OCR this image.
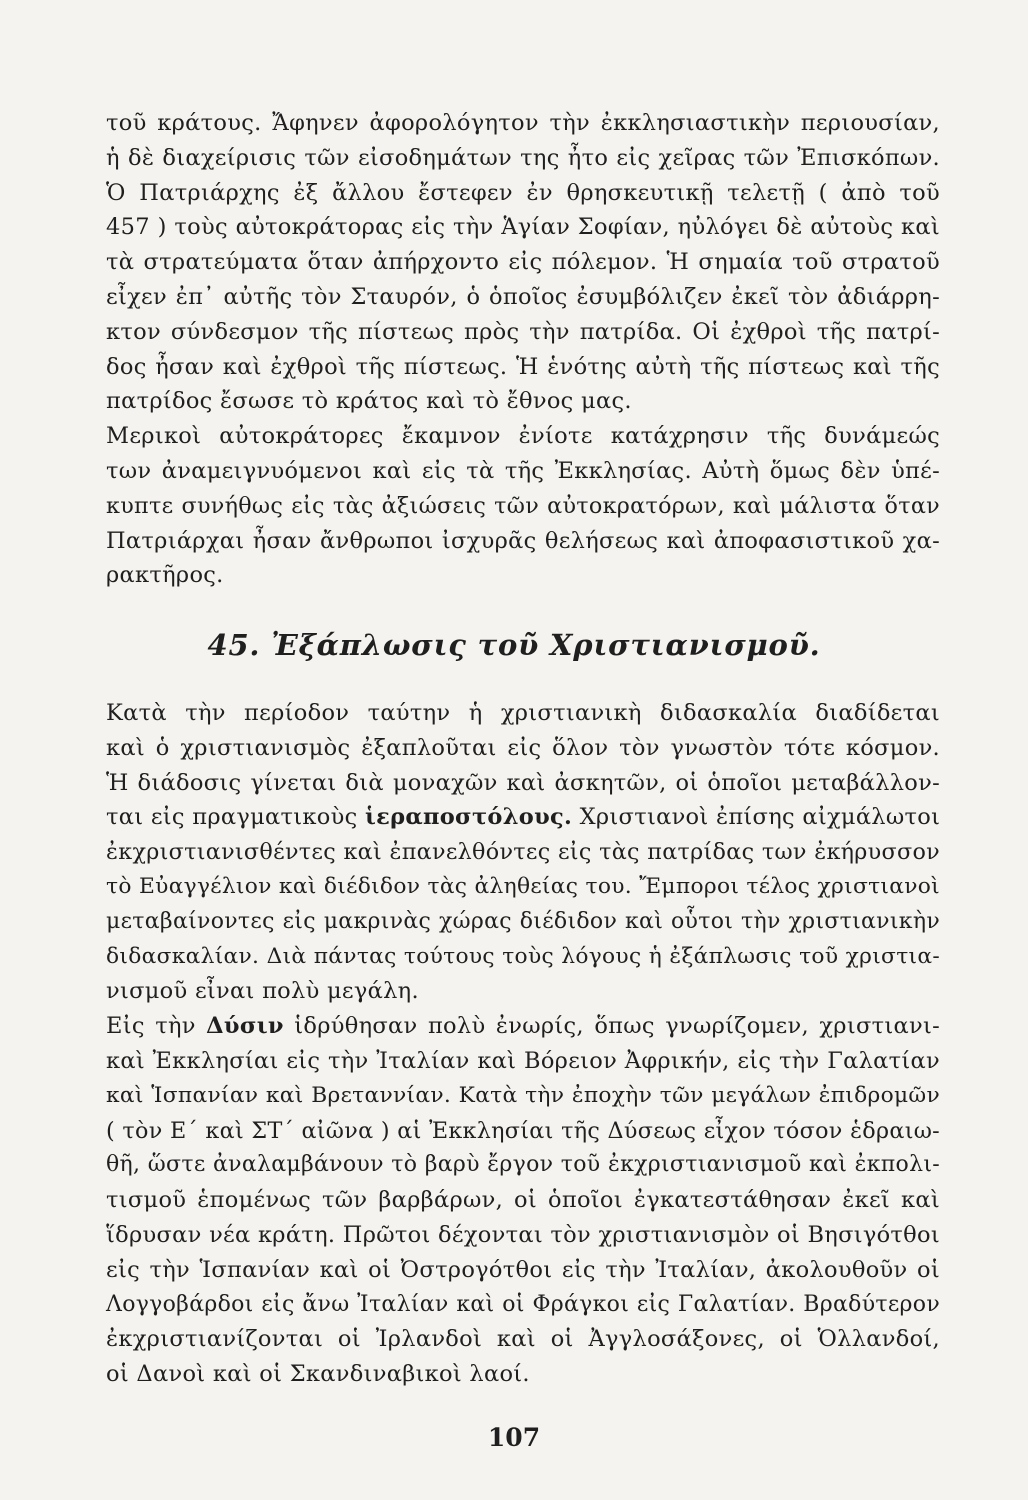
τοῦ κράτους. Ἄφηνεν ἀφορολόγητον τὴν ἐκκλησιαστικὴν περιουσίαν,
ἡ δὲ διαχείρισις τῶν εἰσοδημάτων της ἦτο εἰς χεῖρας τῶν Ἐπισκόπων.
Ὁ Πατριάρχης ἐξ ἄλλου ἔστεφεν ἐν θρησκευτικῇ τελετῇ ( ἀπὸ τοῦ
457 ) τοὺς αὐτοκράτορας εἰς τὴν Ἁγίαν Σοφίαν, ηὐλόγει δὲ αὐτοὺς καὶ
τὰ στρατεύματα ὅταν ἀπήρχοντο εἰς πόλεμον. Ἡ σημαία τοῦ στρατοῦ
εἶχεν ἐπ᾽ αὐτῆς τὸν Σταυρόν, ὁ ὁποῖος ἐσυμβόλιζεν ἐκεῖ τὸν ἀδιάρρη-
κτον σύνδεσμον τῆς πίστεως πρὸς τὴν πατρίδα. Οἱ ἐχθροὶ τῆς πατρί-
δος ἦσαν καὶ ἐχθροὶ τῆς πίστεως. Ἡ ἑνότης αὐτὴ τῆς πίστεως καὶ τῆς
πατρίδος ἔσωσε τὸ κράτος καὶ τὸ ἔθνος μας.
Μερικοὶ αὐτοκράτορες ἔκαμνον ἐνίοτε κατάχρησιν τῆς δυνάμεώς
των ἀναμειγνυόμενοι καὶ εἰς τὰ τῆς Ἐκκλησίας. Αὐτὴ ὅμως δὲν ὑπέ-
κυπτε συνήθως εἰς τὰς ἀξιώσεις τῶν αὐτοκρατόρων, καὶ μάλιστα ὅταν
Πατριάρχαι ἦσαν ἄνθρωποι ἰσχυρᾶς θελήσεως καὶ ἀποφασιστικοῦ χα-
ρακτῆρος.
45. Ἐξάπλωσις τοῦ Χριστιανισμοῦ.
Κατὰ τὴν περίοδον ταύτην ἡ χριστιανικὴ διδασκαλία διαδίδεται
καὶ ὁ χριστιανισμὸς ἐξαπλοῦται εἰς ὅλον τὸν γνωστὸν τότε κόσμον.
Ἡ διάδοσις γίνεται διὰ μοναχῶν καὶ ἀσκητῶν, οἱ ὁποῖοι μεταβάλλον-
ται εἰς πραγματικοὺς ἱεραποστόλους. Χριστιανοὶ ἐπίσης αἰχμάλωτοι
ἐκχριστιανισθέντες καὶ ἐπανελθόντες εἰς τὰς πατρίδας των ἐκήρυσσον
τὸ Εὐαγγέλιον καὶ διέδιδον τὰς ἀληθείας του. Ἔμποροι τέλος χριστιανοὶ
μεταβαίνοντες εἰς μακρινὰς χώρας διέδιδον καὶ οὗτοι τὴν χριστιανικὴν
διδασκαλίαν. Διὰ πάντας τούτους τοὺς λόγους ἡ ἐξάπλωσις τοῦ χριστια-
νισμοῦ εἶναι πολὺ μεγάλη.
Εἰς τὴν Δύσιν ἱδρύθησαν πολὺ ἐνωρίς, ὅπως γνωρίζομεν, χριστιανι-
καὶ Ἐκκλησίαι εἰς τὴν Ἰταλίαν καὶ Βόρειον Ἀφρικήν, εἰς τὴν Γαλατίαν
καὶ Ἱσπανίαν καὶ Βρεταννίαν. Κατὰ τὴν ἐποχὴν τῶν μεγάλων ἐπιδρομῶν
( τὸν Ε΄ καὶ ΣΤ΄ αἰῶνα ) αἱ Ἐκκλησίαι τῆς Δύσεως εἶχον τόσον ἑδραιω-
θῆ, ὥστε ἀναλαμβάνουν τὸ βαρὺ ἔργον τοῦ ἐκχριστιανισμοῦ καὶ ἐκπολι-
τισμοῦ ἑπομένως τῶν βαρβάρων, οἱ ὁποῖοι ἐγκατεστάθησαν ἐκεῖ καὶ
ἵδρυσαν νέα κράτη. Πρῶτοι δέχονται τὸν χριστιανισμὸν οἱ Βησιγότθοι
εἰς τὴν Ἱσπανίαν καὶ οἱ Ὀστρογότθοι εἰς τὴν Ἰταλίαν, ἀκολουθοῦν οἱ
Λογγοβάρδοι εἰς ἄνω Ἰταλίαν καὶ οἱ Φράγκοι εἰς Γαλατίαν. Βραδύτερον
ἐκχριστιανίζονται οἱ Ἰρλανδοὶ καὶ οἱ Ἀγγλοσάξονες, οἱ Ὁλλανδοί,
οἱ Δανοὶ καὶ οἱ Σκανδιναβικοὶ λαοί.
107
